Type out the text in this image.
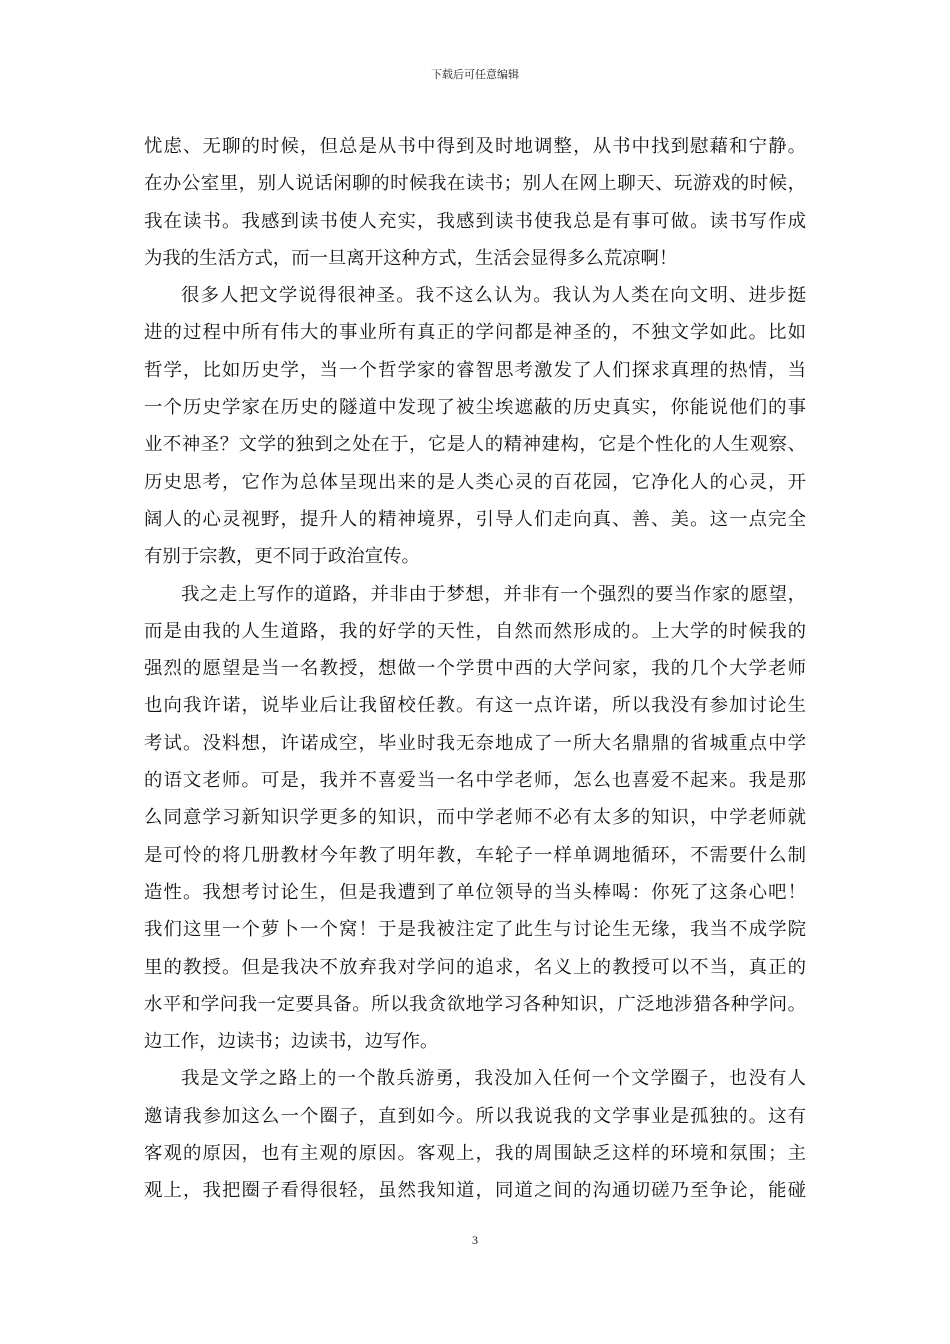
下载后可任意编辑
忧虑、无聊的时候，但总是从书中得到及时地调整，从书中找到慰藉和宁静。
在办公室里，别人说话闲聊的时候我在读书；别人在网上聊天、玩游戏的时候，
我在读书。我感到读书使人充实，我感到读书使我总是有事可做。读书写作成
为我的生活方式，而一旦离开这种方式，生活会显得多么荒凉啊！
很多人把文学说得很神圣。我不这么认为。我认为人类在向文明、进步挺
进的过程中所有伟大的事业所有真正的学问都是神圣的，不独文学如此。比如
哲学，比如历史学，当一个哲学家的睿智思考激发了人们探求真理的热情，当
一个历史学家在历史的隧道中发现了被尘埃遮蔽的历史真实，你能说他们的事
业不神圣？文学的独到之处在于，它是人的精神建构，它是个性化的人生观察、
历史思考，它作为总体呈现出来的是人类心灵的百花园，它净化人的心灵，开
阔人的心灵视野，提升人的精神境界，引导人们走向真、善、美。这一点完全
有别于宗教，更不同于政治宣传。
我之走上写作的道路，并非由于梦想，并非有一个强烈的要当作家的愿望，
而是由我的人生道路，我的好学的天性，自然而然形成的。上大学的时候我的
强烈的愿望是当一名教授，想做一个学贯中西的大学问家，我的几个大学老师
也向我许诺，说毕业后让我留校任教。有这一点许诺，所以我没有参加讨论生
考试。没料想，许诺成空，毕业时我无奈地成了一所大名鼎鼎的省城重点中学
的语文老师。可是，我并不喜爱当一名中学老师，怎么也喜爱不起来。我是那
么同意学习新知识学更多的知识，而中学老师不必有太多的知识，中学老师就
是可怜的将几册教材今年教了明年教，车轮子一样单调地循环，不需要什么制
造性。我想考讨论生，但是我遭到了单位领导的当头棒喝：你死了这条心吧！
我们这里一个萝卜一个窝！于是我被注定了此生与讨论生无缘，我当不成学院
里的教授。但是我决不放弃我对学问的追求，名义上的教授可以不当，真正的
水平和学问我一定要具备。所以我贪欲地学习各种知识，广泛地涉猎各种学问。
边工作，边读书；边读书，边写作。
我是文学之路上的一个散兵游勇，我没加入任何一个文学圈子，也没有人
邀请我参加这么一个圈子，直到如今。所以我说我的文学事业是孤独的。这有
客观的原因，也有主观的原因。客观上，我的周围缺乏这样的环境和氛围；主
观上，我把圈子看得很轻，虽然我知道，同道之间的沟通切磋乃至争论，能碰
3
